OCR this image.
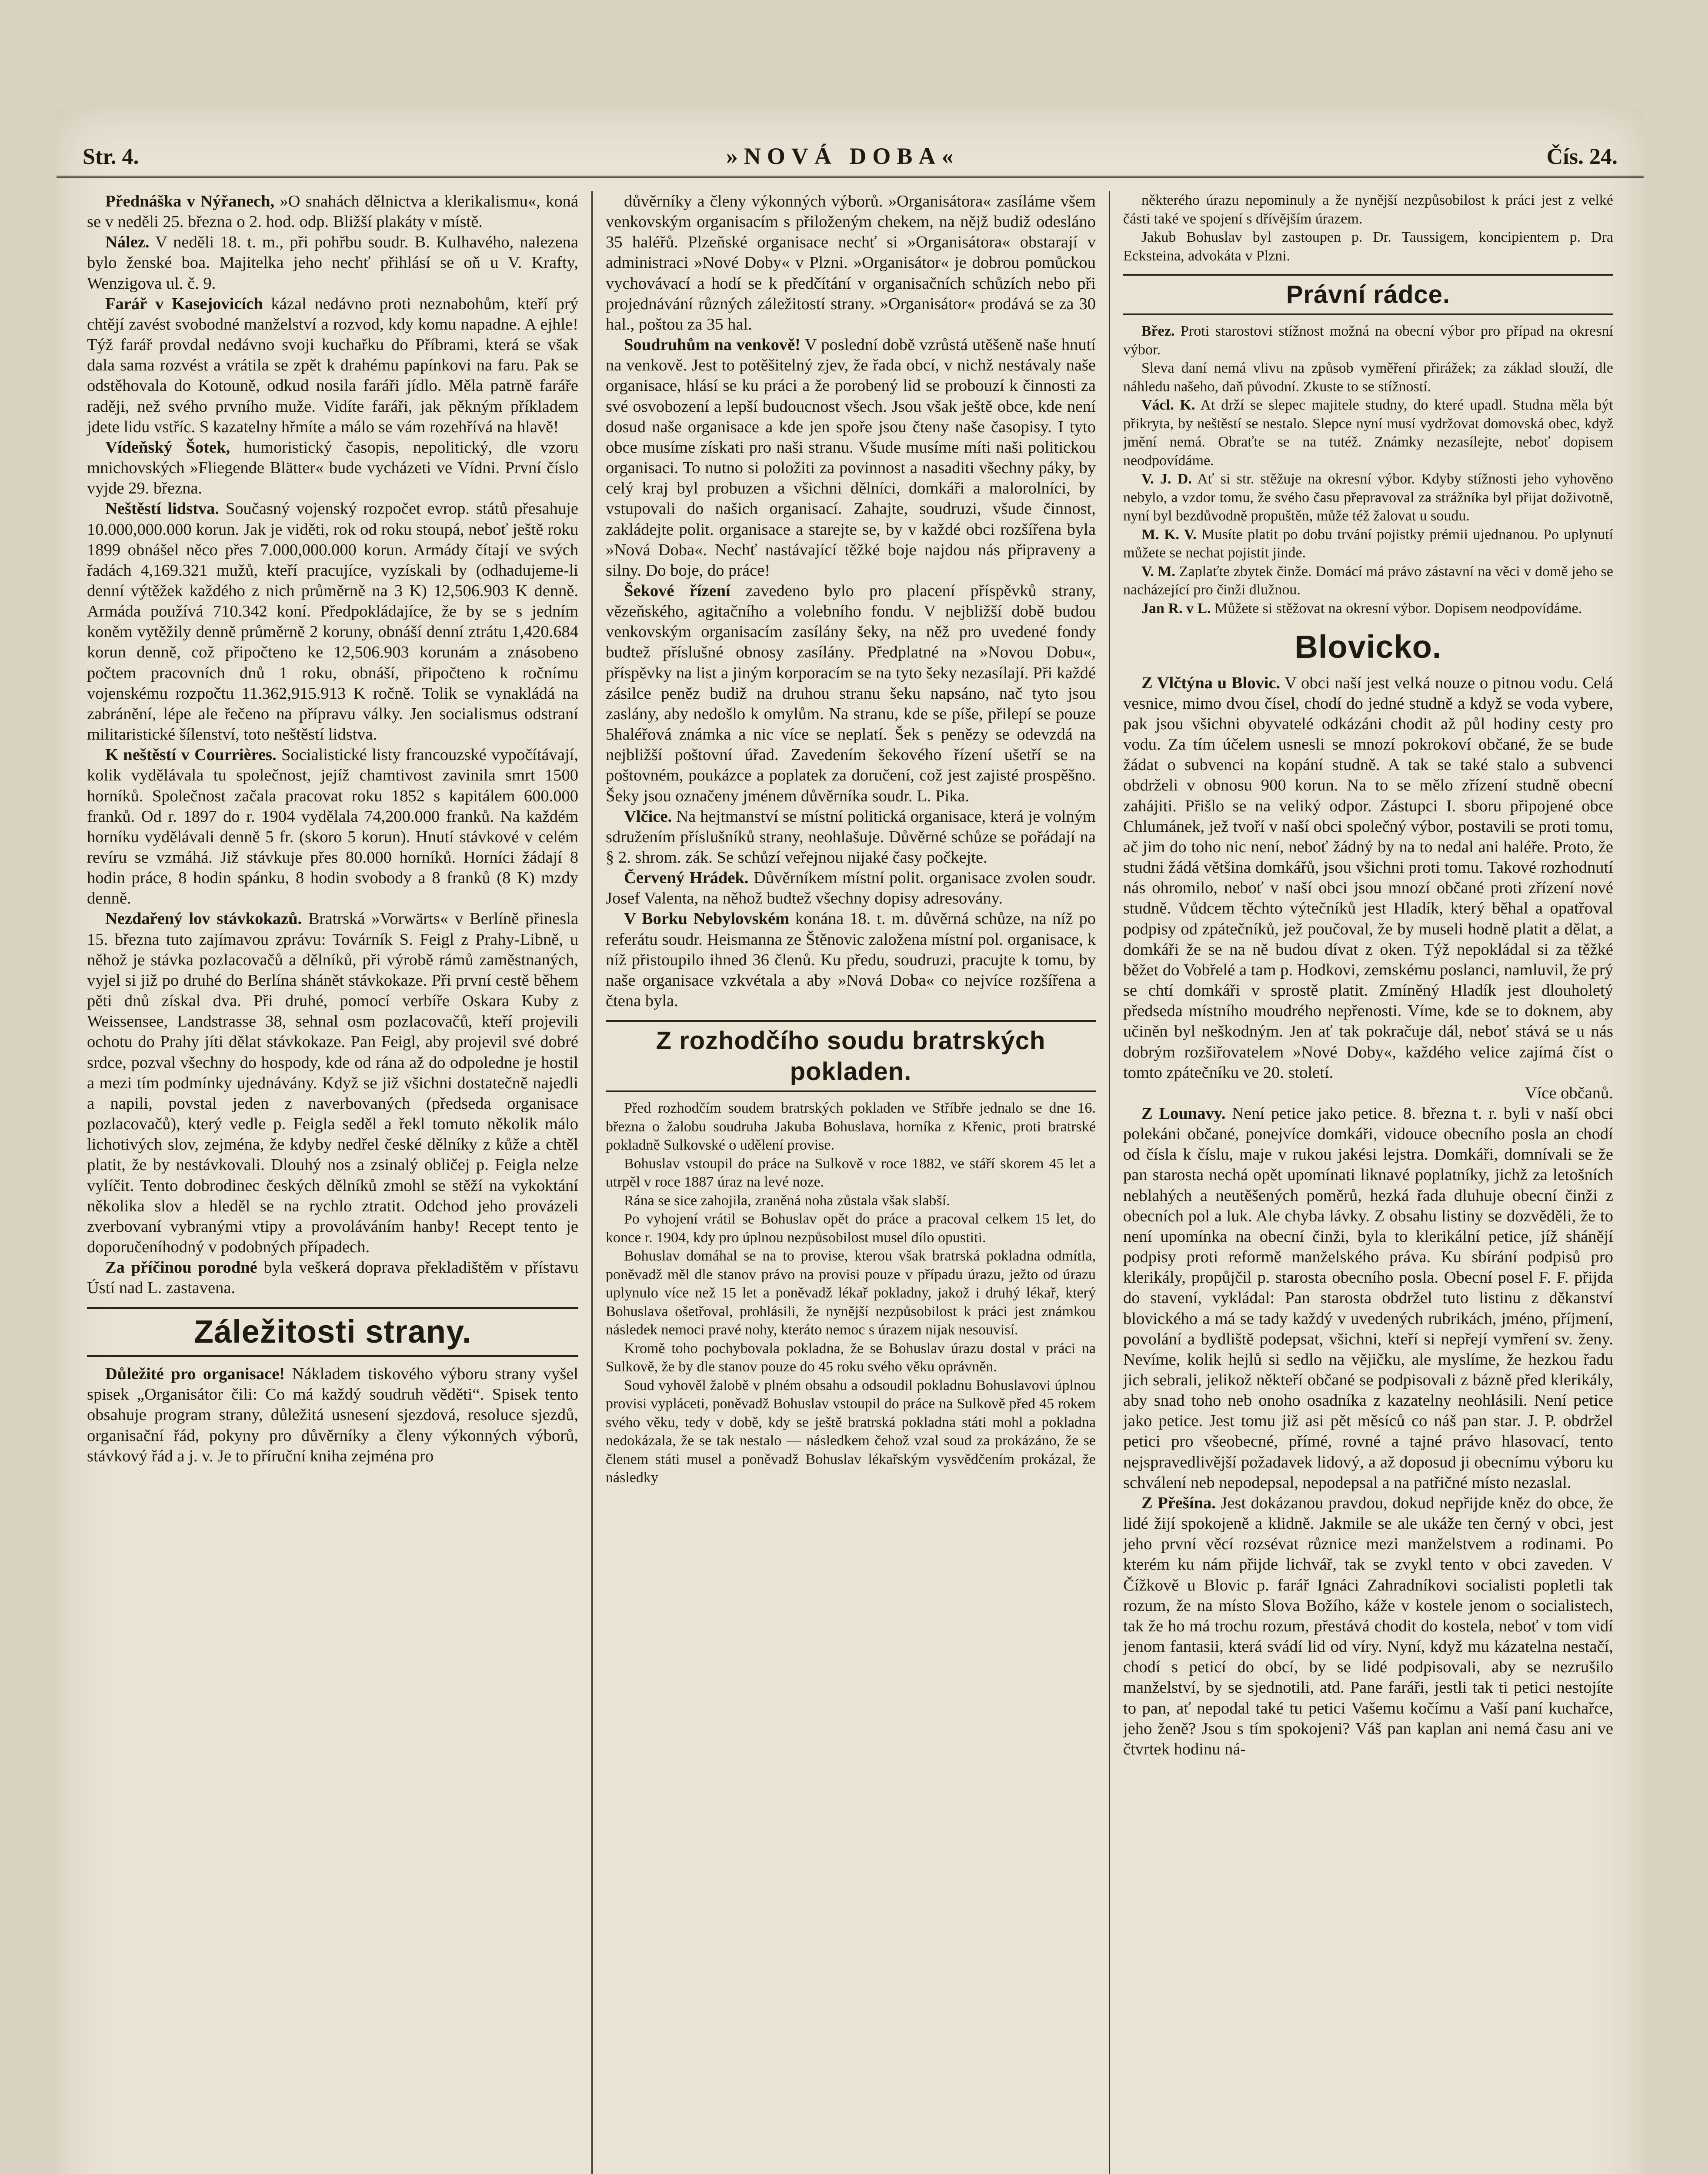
Str. 4.	»NOVÁ DOBA«	Čís. 24.

Přednáška v Nýřanech, »O snahách dělnictva a klerikalismu«, koná se v neděli 25. března o 2. hod. odp. Bližší plakáty v místě.

Nález. V neděli 18. t. m., při pohřbu soudr. B. Kulhavého, nalezena bylo ženské boa. Majitelka jeho nechť přihlásí se oň u V. Krafty, Wenzigova ul. č. 9.

Farář v Kasejovicích kázal nedávno proti neznabohům, kteří prý chtějí zavést svobodné manželství a rozvod, kdy komu napadne. A ejhle! Týž farář provdal nedávno svoji kuchařku do Příbrami, která se však dala sama rozvést a vrátila se zpět k drahému papínkovi na faru. Pak se odstěhovala do Kotouně, odkud nosila faráři jídlo. Měla patrně faráře raději, než svého prvního muže. Vidíte faráři, jak pěkným příkladem jdete lidu vstříc. S kazatelny hřmíte a málo se vám rozehřívá na hlavě!

Vídeňský Šotek, humoristický časopis, nepolitický, dle vzoru mnichovských »Fliegende Blätter« bude vycházeti ve Vídni. První číslo vyjde 29. března.

Neštěstí lidstva. Současný vojenský rozpočet evrop. států přesahuje 10.000,000.000 korun. Jak je viděti, rok od roku stoupá, neboť ještě roku 1899 obnášel něco přes 7.000,000.000 korun. Armády čítají ve svých řadách 4,169.321 mužů, kteří pracujíce, vyzískali by (odhadujeme-li denní výtěžek každého z nich průměrně na 3 K) 12,506.903 K denně. Armáda používá 710.342 koní. Předpokládajíce, že by se s jedním koněm vytěžily denně průměrně 2 koruny, obnáší denní ztrátu 1,420.684 korun denně, což připočteno ke 12,506.903 korunám a znásobeno počtem pracovních dnů 1 roku, obnáší, připočteno k ročnímu vojenskému rozpočtu 11.362,915.913 K ročně. Tolik se vynakládá na zabránění, lépe ale řečeno na přípravu války. Jen socialismus odstraní militaristické šílenství, toto neštěstí lidstva.

K neštěstí v Courrières. Socialistické listy francouzské vypočítávají, kolik vydělávala tu společnost, jejíž chamtivost zavinila smrt 1500 horníků. Společnost začala pracovat roku 1852 s kapitálem 600.000 franků. Od r. 1897 do r. 1904 vydělala 74,200.000 franků. Na každém horníku vydělávali denně 5 fr. (skoro 5 korun). Hnutí stávkové v celém revíru se vzmáhá. Již stávkuje přes 80.000 horníků. Horníci žádají 8 hodin práce, 8 hodin spánku, 8 hodin svobody a 8 franků (8 K) mzdy denně.

Nezdařený lov stávkokazů. Bratrská »Vorwärts« v Berlíně přinesla 15. března tuto zajímavou zprávu: Továrník S. Feigl z Prahy-Libně, u něhož je stávka pozlacovačů a dělníků, při výrobě rámů zaměstnaných, vyjel si již po druhé do Berlína shánět stávkokaze. Při první cestě během pěti dnů získal dva. Při druhé, pomocí verbíře Oskara Kuby z Weissensee, Landstrasse 38, sehnal osm pozlacovačů, kteří projevili ochotu do Prahy jíti dělat stávkokaze. Pan Feigl, aby projevil své dobré srdce, pozval všechny do hospody, kde od rána až do odpoledne je hostil a mezi tím podmínky ujednávány. Když se již všichni dostatečně najedli a napili, povstal jeden z naverbovaných (předseda organisace pozlacovačů), který vedle p. Feigla seděl a řekl tomuto několik málo lichotivých slov, zejména, že kdyby nedřel české dělníky z kůže a chtěl platit, že by nestávkovali. Dlouhý nos a zsinalý obličej p. Feigla nelze vylíčit. Tento dobrodinec českých dělníků zmohl se stěží na vykoktání několika slov a hleděl se na rychlo ztratit. Odchod jeho provázeli zverbovaní vybranými vtipy a provoláváním hanby! Recept tento je doporučeníhodný v podobných případech.

Za příčinou porodné byla veškerá doprava překladištěm v přístavu Ústí nad L. zastavena.

Záležitosti strany.

Důležité pro organisace! Nákladem tiskového výboru strany vyšel spisek „Organisátor čili: Co má každý soudruh věděti“. Spisek tento obsahuje program strany, důležitá usnesení sjezdová, resoluce sjezdů, organisační řád, pokyny pro důvěrníky a členy výkonných výborů, stávkový řád a j. v. Je to příruční kniha zejména pro

důvěrníky a členy výkonných výborů. »Organisátora« zasíláme všem venkovským organisacím s přiloženým chekem, na nějž budiž odesláno 35 haléřů. Plzeňské organisace nechť si »Organisátora« obstarají v administraci »Nové Doby« v Plzni. »Organisátor« je dobrou pomůckou vychovávací a hodí se k předčítání v organisačních schůzích nebo při projednávání různých záležitostí strany. »Organisátor« prodává se za 30 hal., poštou za 35 hal.

Soudruhům na venkově! V poslední době vzrůstá utěšeně naše hnutí na venkově. Jest to potěšitelný zjev, že řada obcí, v nichž nestávaly naše organisace, hlásí se ku práci a že porobený lid se probouzí k činnosti za své osvobození a lepší budoucnost všech. Jsou však ještě obce, kde není dosud naše organisace a kde jen spoře jsou čteny naše časopisy. I tyto obce musíme získati pro naši stranu. Všude musíme míti naši politickou organisaci. To nutno si položiti za povinnost a nasaditi všechny páky, by celý kraj byl probuzen a všichni dělníci, domkáři a malorolníci, by vstupovali do našich organisací. Zahajte, soudruzi, všude činnost, zakládejte polit. organisace a starejte se, by v každé obci rozšířena byla »Nová Doba«. Nechť nastávající těžké boje najdou nás připraveny a silny. Do boje, do práce!

Šekové řízení zavedeno bylo pro placení příspěvků strany, vězeňského, agitačního a volebního fondu. V nejbližší době budou venkovským organisacím zasílány šeky, na něž pro uvedené fondy budtež příslušné obnosy zasílány. Předplatné na »Novou Dobu«, příspěvky na list a jiným korporacím se na tyto šeky nezasílají. Při každé zásilce peněz budiž na druhou stranu šeku napsáno, nač tyto jsou zaslány, aby nedošlo k omylům. Na stranu, kde se píše, přilepí se pouze 5haléřová známka a nic více se neplatí. Šek s penězy se odevzdá na nejbližší poštovní úřad. Zavedením šekového řízení ušetří se na poštovném, poukázce a poplatek za doručení, což jest zajisté prospěšno. Šeky jsou označeny jménem důvěrníka soudr. L. Pika.

Vlčice. Na hejtmanství se místní politická organisace, která je volným sdružením příslušníků strany, neohlašuje. Důvěrné schůze se pořádají na § 2. shrom. zák. Se schůzí veřejnou nijaké časy počkejte.

Červený Hrádek. Důvěrníkem místní polit. organisace zvolen soudr. Josef Valenta, na něhož budtež všechny dopisy adresovány.

V Borku Nebylovském konána 18. t. m. důvěrná schůze, na níž po referátu soudr. Heismanna ze Štěnovic založena místní pol. organisace, k níž přistoupilo ihned 36 členů. Ku předu, soudruzi, pracujte k tomu, by naše organisace vzkvétala a aby »Nová Doba« co nejvíce rozšířena a čtena byla.

Z rozhodčího soudu bratrských pokladen.

Před rozhodčím soudem bratrských pokladen ve Stříbře jednalo se dne 16. března o žalobu soudruha Jakuba Bohuslava, horníka z Křenic, proti bratrské pokladně Sulkovské o udělení provise.

Bohuslav vstoupil do práce na Sulkově v roce 1882, ve stáří skorem 45 let a utrpěl v roce 1887 úraz na levé noze.

Rána se sice zahojila, zraněná noha zůstala však slabší.

Po vyhojení vrátil se Bohuslav opět do práce a pracoval celkem 15 let, do konce r. 1904, kdy pro úplnou nezpůsobilost musel dílo opustiti.

Bohuslav domáhal se na to provise, kterou však bratrská pokladna odmítla, poněvadž měl dle stanov právo na provisi pouze v případu úrazu, ježto od úrazu uplynulo více než 15 let a poněvadž lékař pokladny, jakož i druhý lékař, který Bohuslava ošetřoval, prohlásili, že nynější nezpůsobilost k práci jest známkou následek nemoci pravé nohy, kteráto nemoc s úrazem nijak nesouvisí.

Kromě toho pochybovala pokladna, že se Bohuslav úrazu dostal v práci na Sulkově, že by dle stanov pouze do 45 roku svého věku oprávněn.

Soud vyhověl žalobě v plném obsahu a odsoudil pokladnu Bohuslavovi úplnou provisi vypláceti, poněvadž Bohuslav vstoupil do práce na Sulkově před 45 rokem svého věku, tedy v době, kdy se ještě bratrská pokladna státi mohl a pokladna nedokázala, že se tak nestalo — následkem čehož vzal soud za prokázáno, že se členem státi musel a poněvadž Bohuslav lékařským vysvědčením prokázal, že následky

některého úrazu nepominuly a že nynější nezpůsobilost k práci jest z velké části také ve spojení s dřívějším úrazem.

Jakub Bohuslav byl zastoupen p. Dr. Taussigem, koncipientem p. Dra Ecksteina, advokáta v Plzni.

Právní rádce.

Břez. Proti starostovi stížnost možná na obecní výbor pro případ na okresní výbor.

Sleva daní nemá vlivu na způsob vyměření přirážek; za základ slouží, dle náhledu našeho, daň původní. Zkuste to se stížností.

Václ. K. At drží se slepec majitele studny, do které upadl. Studna měla být přikryta, by neštěstí se nestalo. Slepce nyní musí vydržovat domovská obec, když jmění nemá. Obraťte se na tutéž. Známky nezasílejte, neboť dopisem neodpovídáme.

V. J. D. Ať si str. stěžuje na okresní výbor. Kdyby stížnosti jeho vyhověno nebylo, a vzdor tomu, že svého času přepravoval za strážníka byl přijat doživotně, nyní byl bezdůvodně propuštěn, může též žalovat u soudu.

M. K. V. Musíte platit po dobu trvání pojistky prémii ujednanou. Po uplynutí můžete se nechat pojistit jinde.

V. M. Zaplaťte zbytek činže. Domácí má právo zástavní na věci v domě jeho se nacházející pro činži dlužnou.

Jan R. v L. Můžete si stěžovat na okresní výbor. Dopisem neodpovídáme.

Blovicko.

Z Vlčtýna u Blovic. V obci naší jest velká nouze o pitnou vodu. Celá vesnice, mimo dvou čísel, chodí do jedné studně a když se voda vybere, pak jsou všichni obyvatelé odkázáni chodit až půl hodiny cesty pro vodu. Za tím účelem usnesli se mnozí pokrokoví občané, že se bude žádat o subvenci na kopání studně. A tak se také stalo a subvenci obdrželi v obnosu 900 korun. Na to se mělo zřízení studně obecní zahájiti. Přišlo se na veliký odpor. Zástupci I. sboru připojené obce Chlumánek, jež tvoří v naší obci společný výbor, postavili se proti tomu, ač jim do toho nic není, neboť žádný by na to nedal ani haléře. Proto, že studni žádá většina domkářů, jsou všichni proti tomu. Takové rozhodnutí nás ohromilo, neboť v naší obci jsou mnozí občané proti zřízení nové studně. Vůdcem těchto výtečníků jest Hladík, který běhal a opatřoval podpisy od zpátečníků, jež poučoval, že by museli hodně platit a dělat, a domkáři že se na ně budou dívat z oken. Týž nepokládal si za těžké běžet do Vobřelé a tam p. Hodkovi, zemskému poslanci, namluvil, že prý se chtí domkáři v sprostě platit. Zmíněný Hladík jest dlouholetý předseda místního moudrého nepřenosti. Víme, kde se to doknem, aby učiněn byl neškodným. Jen ať tak pokračuje dál, neboť stává se u nás dobrým rozšiřovatelem »Nové Doby«, každého velice zajímá číst o tomto zpátečníku ve 20. století.
Více občanů.

Z Lounavy. Není petice jako petice. 8. března t. r. byli v naší obci polekáni občané, ponejvíce domkáři, vidouce obecního posla an chodí od čísla k číslu, maje v rukou jakési lejstra. Domkáři, domnívali se že pan starosta nechá opět upomínati liknavé poplatníky, jichž za letošních neblahých a neutěšených poměrů, hezká řada dluhuje obecní činži z obecních pol a luk. Ale chyba lávky. Z obsahu listiny se dozvěděli, že to není upomínka na obecní činži, byla to klerikální petice, jíž shánějí podpisy proti reformě manželského práva. Ku sbírání podpisů pro klerikály, propůjčil p. starosta obecního posla. Obecní posel F. F. přijda do stavení, vykládal: Pan starosta obdržel tuto listinu z děkanství blovického a má se tady každý v uvedených rubrikách, jméno, příjmení, povolání a bydliště podepsat, všichni, kteří si nepřejí vymření sv. ženy. Nevíme, kolik hejlů si sedlo na vějičku, ale myslíme, že hezkou řadu jich sebrali, jelikož někteří občané se podpisovali z bázně před klerikály, aby snad toho neb onoho osadníka z kazatelny neohlásili. Není petice jako petice. Jest tomu již asi pět měsíců co náš pan star. J. P. obdržel petici pro všeobecné, přímé, rovné a tajné právo hlasovací, tento nejspravedlivější požadavek lidový, a až doposud ji obecnímu výboru ku schválení neb nepodepsal, nepodepsal a na patřičné místo nezaslal.

Z Přešína. Jest dokázanou pravdou, dokud nepřijde kněz do obce, že lidé žijí spokojeně a klidně. Jakmile se ale ukáže ten černý v obci, jest jeho první věcí rozsévat různice mezi manželstvem a rodinami. Po kterém ku nám přijde lichvář, tak se zvykl tento v obci zaveden. V Čížkově u Blovic p. farář Ignáci Zahradníkovi socialisti popletli tak rozum, že na místo Slova Božího, káže v kostele jenom o socialistech, tak že ho má trochu rozum, přestává chodit do kostela, neboť v tom vidí jenom fantasii, která svádí lid od víry. Nyní, když mu kázatelna nestačí, chodí s peticí do obcí, by se lidé podpisovali, aby se nezrušilo manželství, by se sjednotili, atd. Pane faráři, jestli tak ti petici nestojíte to pan, ať nepodal také tu petici Vašemu kočímu a Vaší paní kuchařce, jeho ženě? Jsou s tím spokojeni? Váš pan kaplan ani nemá času ani ve čtvrtek hodinu ná-
